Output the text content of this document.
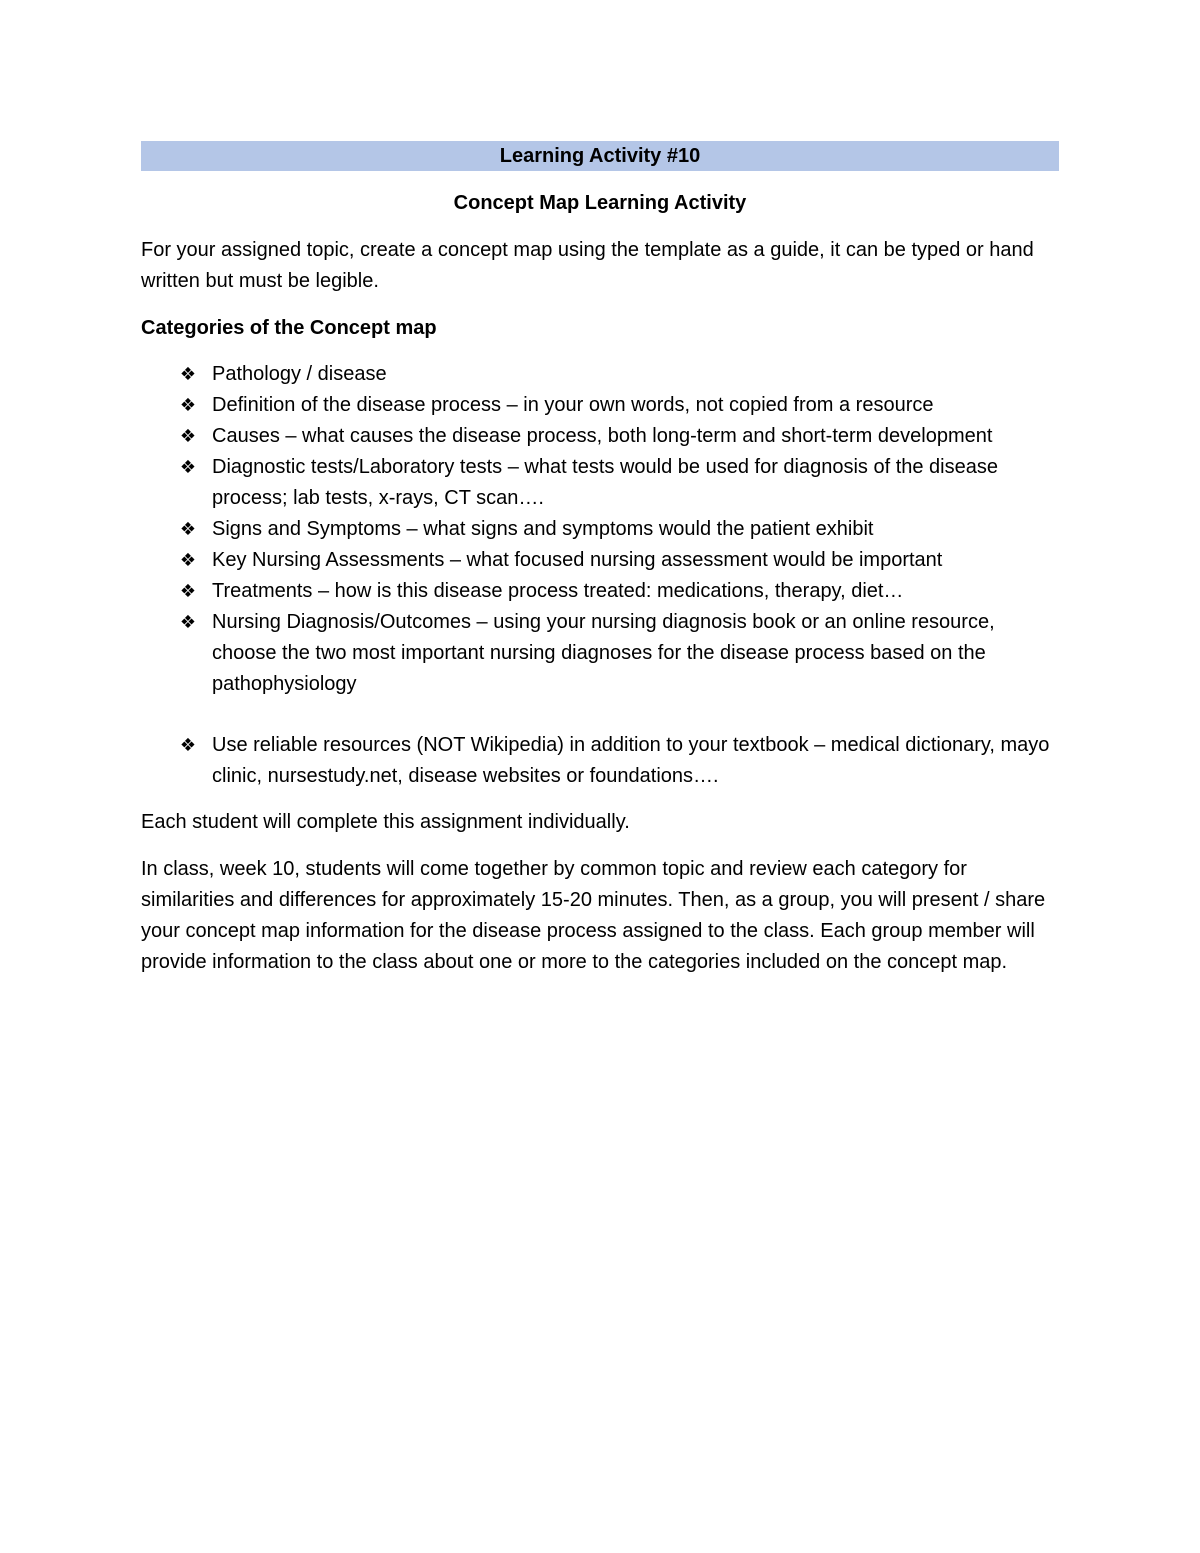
Learning Activity #10
Concept Map Learning Activity

For your assigned topic, create a concept map using the template as a guide, it can be typed or hand written but must be legible.

Categories of the Concept map
❖ Pathology / disease
❖ Definition of the disease process – in your own words, not copied from a resource
❖ Causes – what causes the disease process, both long-term and short-term development
❖ Diagnostic tests/Laboratory tests – what tests would be used for diagnosis of the disease process; lab tests, x-rays, CT scan….
❖ Signs and Symptoms – what signs and symptoms would the patient exhibit
❖ Key Nursing Assessments – what focused nursing assessment would be important
❖ Treatments – how is this disease process treated: medications, therapy, diet…
❖ Nursing Diagnosis/Outcomes – using your nursing diagnosis book or an online resource, choose the two most important nursing diagnoses for the disease process based on the pathophysiology
❖ Use reliable resources (NOT Wikipedia) in addition to your textbook – medical dictionary, mayo clinic, nursestudy.net, disease websites or foundations….

Each student will complete this assignment individually.

In class, week 10, students will come together by common topic and review each category for similarities and differences for approximately 15-20 minutes. Then, as a group, you will present / share your concept map information for the disease process assigned to the class. Each group member will provide information to the class about one or more to the categories included on the concept map.
